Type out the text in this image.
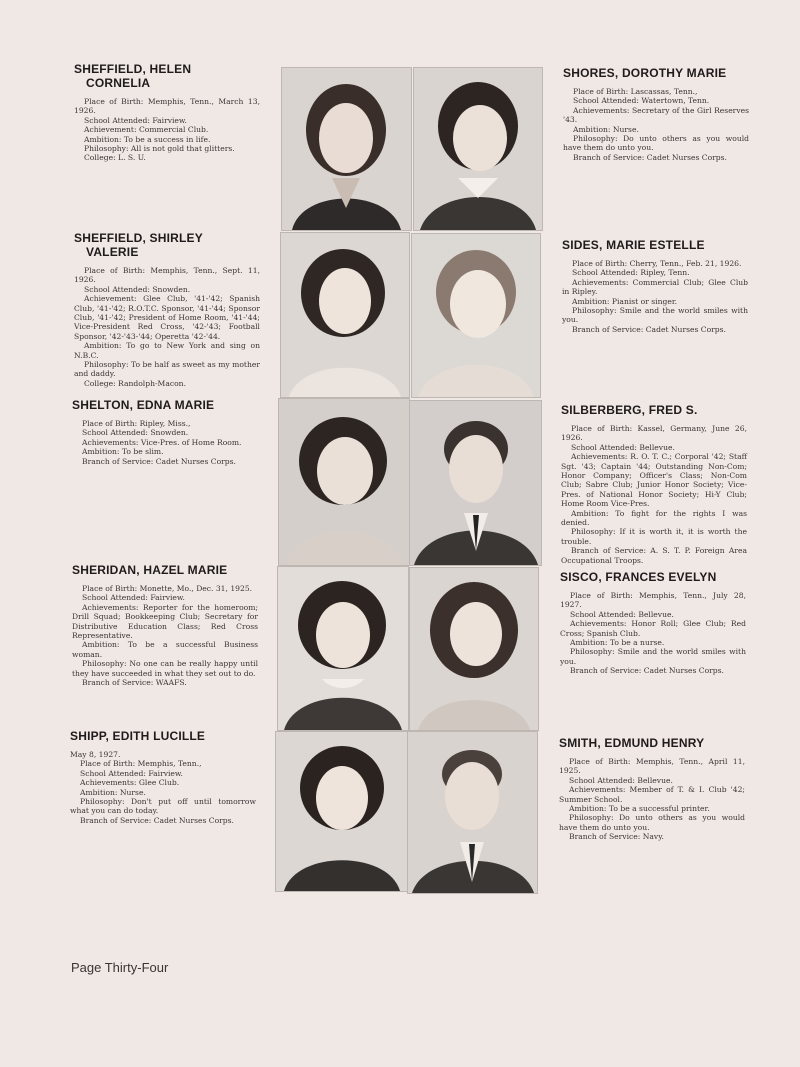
SHEFFIELD, HELEN
CORNELIA

Place of Birth: Memphis, Tenn., March 13, 1926.

School Attended: Fairview.

Achievement: Commercial Club.

Ambition: To be a success in life.

Philosophy: All is not gold that glitters.

College: L. S. U.

SHEFFIELD, SHIRLEY
VALERIE

Place of Birth: Memphis, Tenn., Sept. 11, 1926.

School Attended: Snowden.

Achievement: Glee Club, '41-'42; Spanish Club, '41-'42; R.O.T.C. Sponsor, '41-'44; Sponsor Club, '41-'42; President of Home Room, '41-'44; Vice-President Red Cross, '42-'43; Football Sponsor, '42-'43-'44; Operetta '42-'44.

Ambition: To go to New York and sing on N.B.C.

Philosophy: To be half as sweet as my mother and daddy.

College: Randolph-Macon.

SHELTON, EDNA MARIE

Place of Birth: Ripley, Miss.,

School Attended: Snowden.

Achievements: Vice-Pres. of Home Room.

Ambition: To be slim.

Branch of Service: Cadet Nurses Corps.

SHERIDAN, HAZEL MARIE

Place of Birth: Monette, Mo., Dec. 31, 1925.

School Attended: Fairview.

Achievements: Reporter for the homeroom; Drill Squad; Bookkeeping Club; Secretary for Distributive Education Class; Red Cross Representative.

Ambition: To be a successful Business woman.

Philosophy: No one can be really happy until they have succeeded in what they set out to do.

Branch of Service: WAAFS.

SHIPP, EDITH LUCILLE

May 8, 1927.

Place of Birth: Memphis, Tenn.,

School Attended: Fairview.

Achievements: Glee Club.

Ambition: Nurse.

Philosophy: Don't put off until tomorrow what you can do today.

Branch of Service: Cadet Nurses Corps.

SHORES, DOROTHY MARIE

Place of Birth: Lascassas, Tenn.,

School Attended: Watertown, Tenn.

Achievements: Secretary of the Girl Reserves '43.

Ambition: Nurse.

Philosophy: Do unto others as you would have them do unto you.

Branch of Service: Cadet Nurses Corps.

SIDES, MARIE ESTELLE

Place of Birth: Cherry, Tenn., Feb. 21, 1926.

School Attended: Ripley, Tenn.

Achievements: Commercial Club; Glee Club in Ripley.

Ambition: Pianist or singer.

Philosophy: Smile and the world smiles with you.

Branch of Service: Cadet Nurses Corps.

SILBERBERG, FRED S.

Place of Birth: Kassel, Germany, June 26, 1926.

School Attended: Bellevue.

Achievements: R. O. T. C.; Corporal '42; Staff Sgt. '43; Captain '44; Outstanding Non-Com; Honor Company; Officer's Class; Non-Com Club; Sabre Club; Junior Honor Society; Vice-Pres. of National Honor Society; Hi-Y Club; Home Room Vice-Pres.

Ambition: To fight for the rights I was denied.

Philosophy: If it is worth it, it is worth the trouble.

Branch of Service: A. S. T. P. Foreign Area Occupational Troops.

SISCO, FRANCES EVELYN

Place of Birth: Memphis, Tenn., July 28, 1927.

School Attended: Bellevue.

Achievements: Honor Roll; Glee Club; Red Cross; Spanish Club.

Ambition: To be a nurse.

Philosophy: Smile and the world smiles with you.

Branch of Service: Cadet Nurses Corps.

SMITH, EDMUND HENRY

Place of Birth: Memphis, Tenn., April 11, 1925.

School Attended: Bellevue.

Achievements: Member of T. & I. Club '42; Summer School.

Ambition: To be a successful printer.

Philosophy: Do unto others as you would have them do unto you.

Branch of Service: Navy.

Page Thirty-Four
